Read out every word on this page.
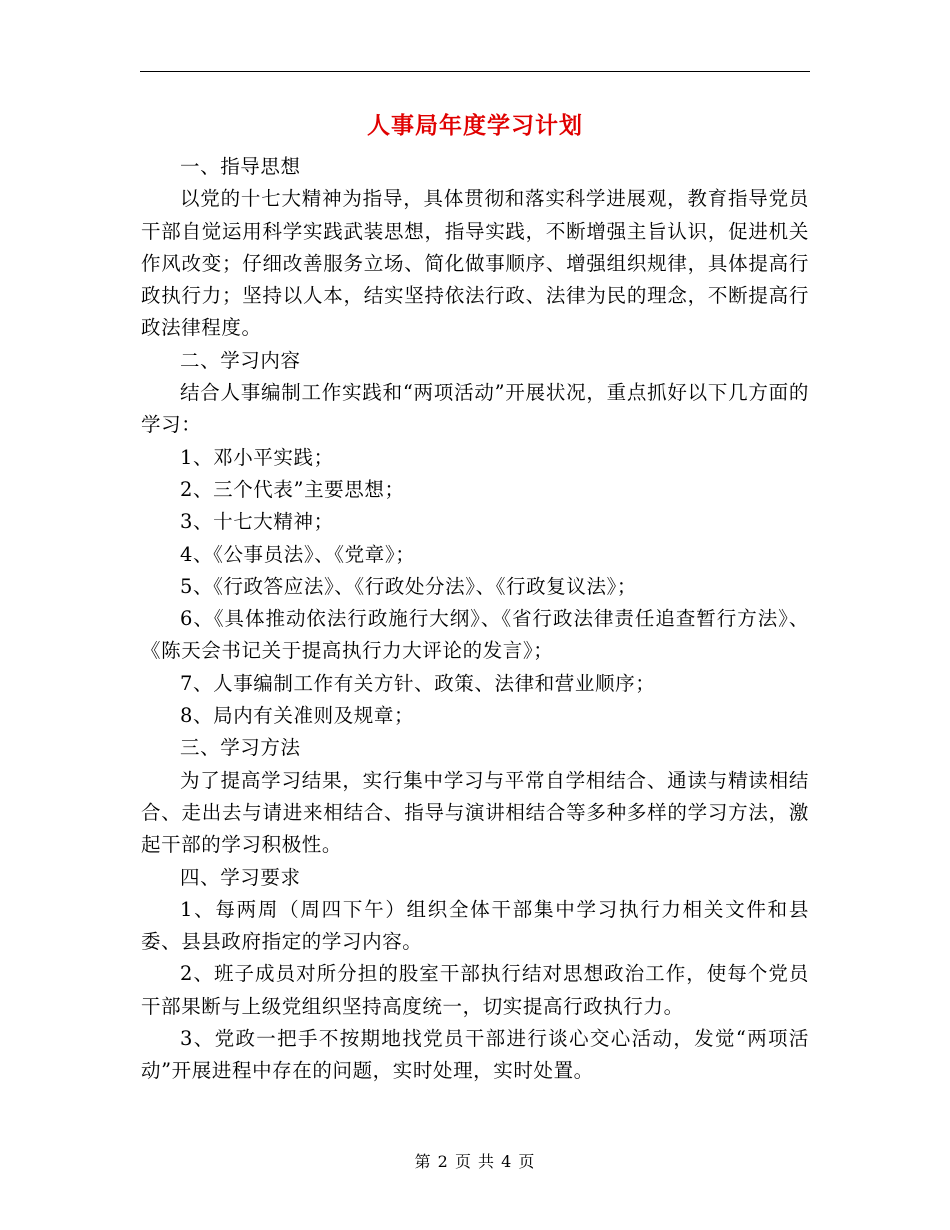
人事局年度学习计划

一、指导思想

以党的十七大精神为指导，具体贯彻和落实科学进展观，教育指导党员干部自觉运用科学实践武装思想，指导实践，不断增强主旨认识，促进机关作风改变；仔细改善服务立场、简化做事顺序、增强组织规律，具体提高行政执行力；坚持以人本，结实坚持依法行政、法律为民的理念，不断提高行政法律程度。

二、学习内容

结合人事编制工作实践和“两项活动”开展状况，重点抓好以下几方面的学习：

1、邓小平实践；

2、三个代表”主要思想；

3、十七大精神；

4、《公事员法》、《党章》；

5、《行政答应法》、《行政处分法》、《行政复议法》；

6、《具体推动依法行政施行大纲》、《省行政法律责任追查暂行方法》、《陈天会书记关于提高执行力大评论的发言》；

7、人事编制工作有关方针、政策、法律和营业顺序；

8、局内有关准则及规章；

三、学习方法

为了提高学习结果，实行集中学习与平常自学相结合、通读与精读相结合、走出去与请进来相结合、指导与演讲相结合等多种多样的学习方法，激起干部的学习积极性。

四、学习要求

1、每两周（周四下午）组织全体干部集中学习执行力相关文件和县委、县县政府指定的学习内容。

2、班子成员对所分担的股室干部执行结对思想政治工作，使每个党员干部果断与上级党组织坚持高度统一，切实提高行政执行力。

3、党政一把手不按期地找党员干部进行谈心交心活动，发觉“两项活动”开展进程中存在的问题，实时处理，实时处置。

第 2 页 共 4 页
